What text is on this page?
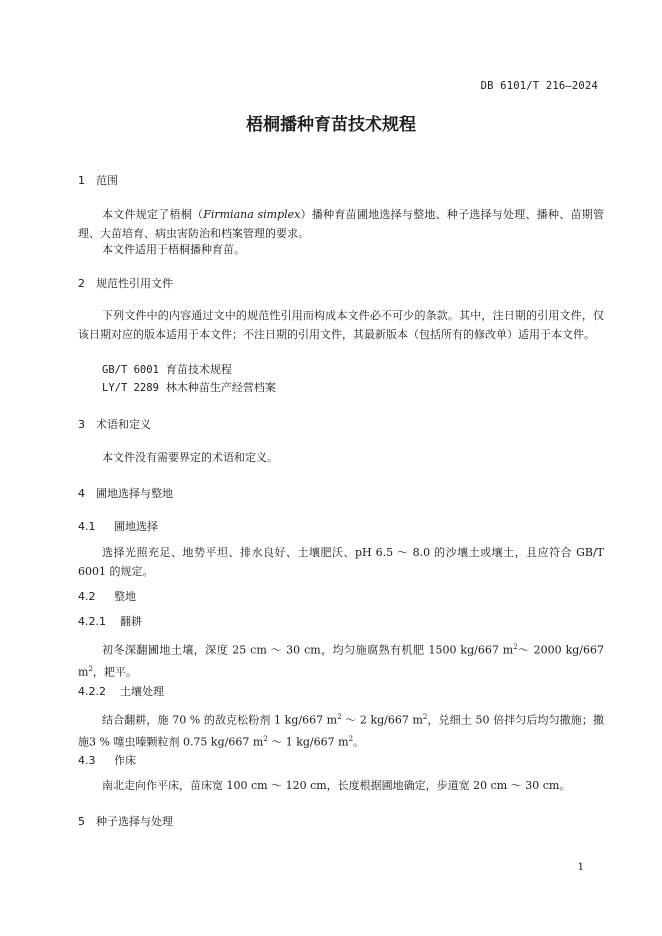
DB 6101/T 216—2024
梧桐播种育苗技术规程
1 范围
本文件规定了梧桐（Firmiana simplex）播种育苗圃地选择与整地、种子选择与处理、播种、苗期管理、大苗培育、病虫害防治和档案管理的要求。
本文件适用于梧桐播种育苗。
2 规范性引用文件
下列文件中的内容通过文中的规范性引用而构成本文件必不可少的条款。其中，注日期的引用文件，仅该日期对应的版本适用于本文件；不注日期的引用文件，其最新版本（包括所有的修改单）适用于本文件。
GB/T 6001 育苗技术规程
LY/T 2289 林木种苗生产经营档案
3 术语和定义
本文件没有需要界定的术语和定义。
4 圃地选择与整地
4.1 圃地选择
选择光照充足、地势平坦、排水良好、土壤肥沃、pH 6.5 ～ 8.0 的沙壤土或壤土，且应符合 GB/T 6001 的规定。
4.2 整地
4.2.1 翻耕
初冬深翻圃地土壤，深度 25 cm ～ 30 cm，均匀施腐熟有机肥 1500 kg/667 $m^2\sim$ 2000 kg/667 $m^2$，耙平。
4.2.2 土壤处理
结合翻耕，施 70 % 的敌克松粉剂 1 kg/667 $m^2$ ～ 2 kg/667 $m^2$，兑细土 50 倍拌匀后均匀撒施；撒施3 % 噻虫嗪颗粒剂 0.75 kg/667 $m^2$ ～ 1 kg/667 $m^2$。
4.3 作床
南北走向作平床，苗床宽 100 cm ～ 120 cm，长度根据圃地确定，步道宽 20 cm ～ 30 cm。
5 种子选择与处理
1
